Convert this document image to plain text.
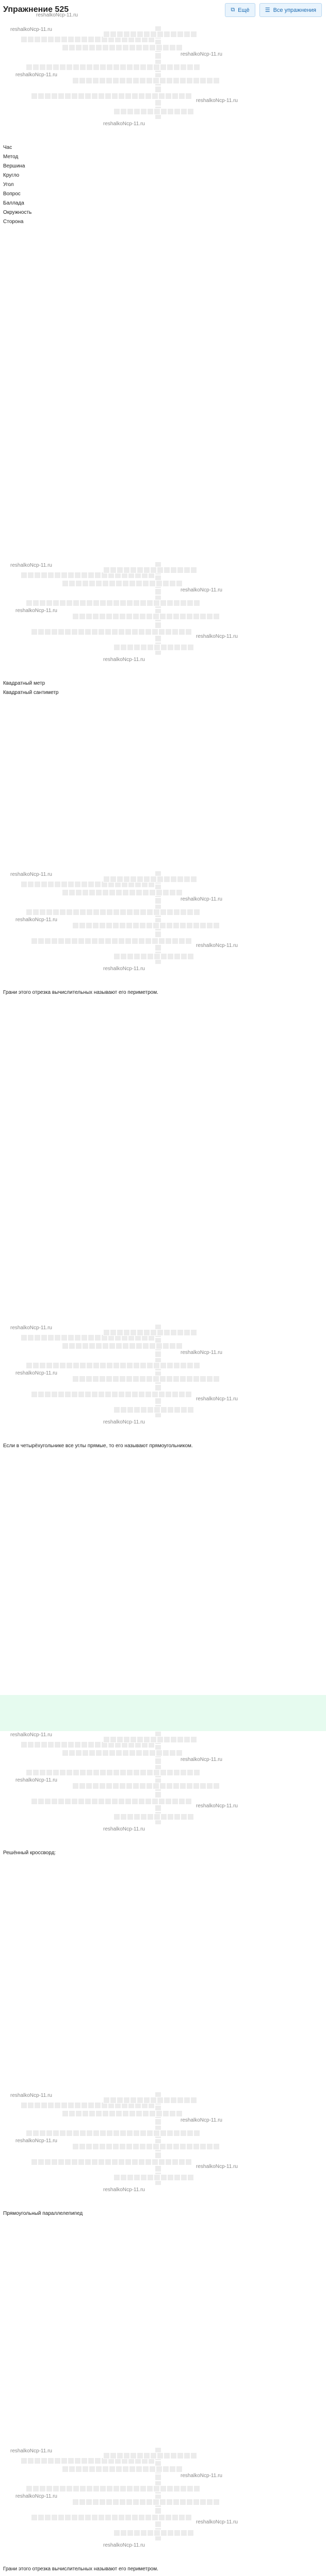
Упражнение 525
reshalkoNcp-11.ru
⧉ Ещё	☰ Все упражнения
reshalkoNcp-11.ru
reshalkoNcp-11.ru
reshalkoNcp-11.ru
reshalkoNcp-11.ru
reshalkoNcp-11.ru
Час
Метод
Вершина
Кругло
Угол
Вопрос
Баллада
Окружность
Сторона
reshalkoNcp-11.ru
reshalkoNcp-11.ru
reshalkoNcp-11.ru
reshalkoNcp-11.ru
reshalkoNcp-11.ru
Квадратный метр
Квадратный сантиметр
reshalkoNcp-11.ru
reshalkoNcp-11.ru
reshalkoNcp-11.ru
reshalkoNcp-11.ru
reshalkoNcp-11.ru
Грани этого отрезка вычислительных называют его периметром.
reshalkoNcp-11.ru
reshalkoNcp-11.ru
reshalkoNcp-11.ru
reshalkoNcp-11.ru
reshalkoNcp-11.ru
Если в четырёхугольнике все углы прямые, то его называют прямоугольником.
reshalkoNcp-11.ru
reshalkoNcp-11.ru
reshalkoNcp-11.ru
reshalkoNcp-11.ru
reshalkoNcp-11.ru
Решённый кроссворд:
reshalkoNcp-11.ru
reshalkoNcp-11.ru
reshalkoNcp-11.ru
reshalkoNcp-11.ru
reshalkoNcp-11.ru
Прямоугольный параллелепипед
reshalkoNcp-11.ru
reshalkoNcp-11.ru
reshalkoNcp-11.ru
reshalkoNcp-11.ru
reshalkoNcp-11.ru
Грани этого отрезка вычислительных называют его периметром.
